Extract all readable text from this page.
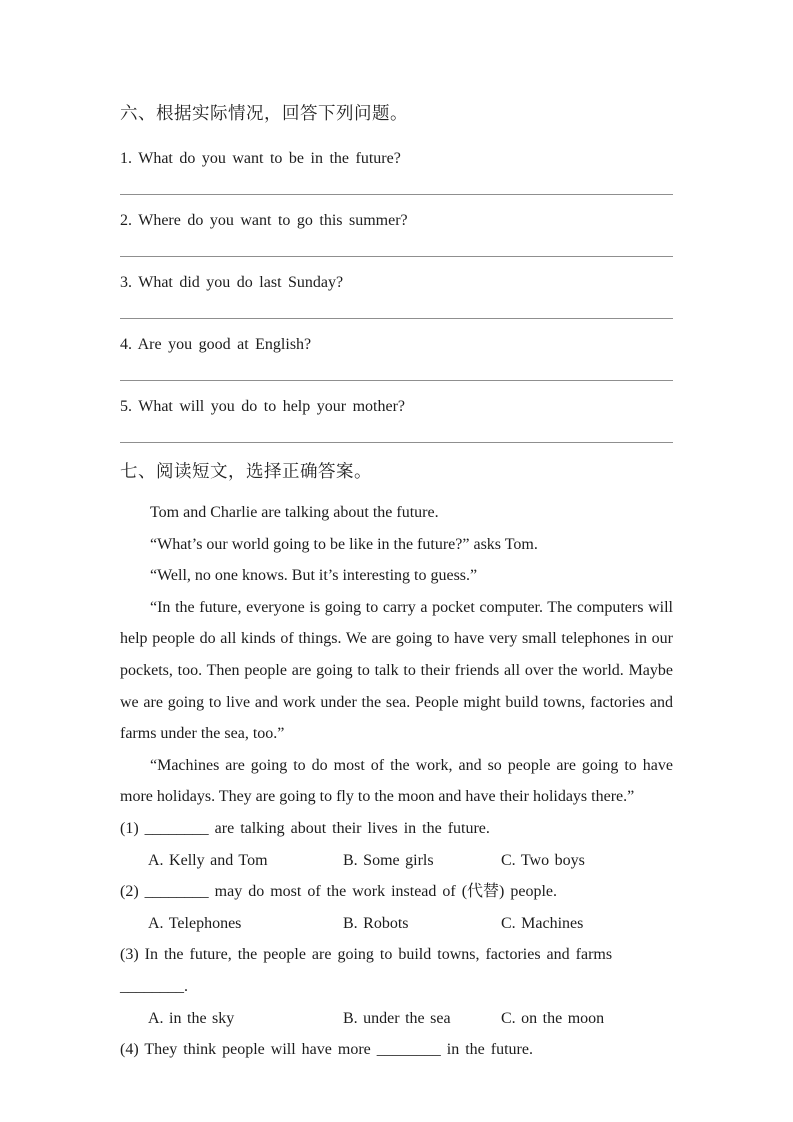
六、根据实际情况，回答下列问题。

1. What do you want to be in the future?

2. Where do you want to go this summer?

3. What did you do last Sunday?

4. Are you good at English?

5. What will you do to help your mother?

七、阅读短文，选择正确答案。

Tom and Charlie are talking about the future.

“What’s our world going to be like in the future?” asks Tom.

“Well, no one knows. But it’s interesting to guess.”

“In the future, everyone is going to carry a pocket computer. The computers will help people do all kinds of things. We are going to have very small telephones in our pockets, too. Then people are going to talk to their friends all over the world. Maybe we are going to live and work under the sea. People might build towns, factories and farms under the sea, too.”

“Machines are going to do most of the work, and so people are going to have more holidays. They are going to fly to the moon and have their holidays there.”

(1) ________ are talking about their lives in the future.

A. Kelly and Tom	B. Some girls	C. Two boys

(2) ________ may do most of the work instead of (代替) people.

A. Telephones	B. Robots	C. Machines

(3) In the future, the people are going to build towns, factories and farms ________.

A. in the sky	B. under the sea	C. on the moon

(4) They think people will have more ________ in the future.
